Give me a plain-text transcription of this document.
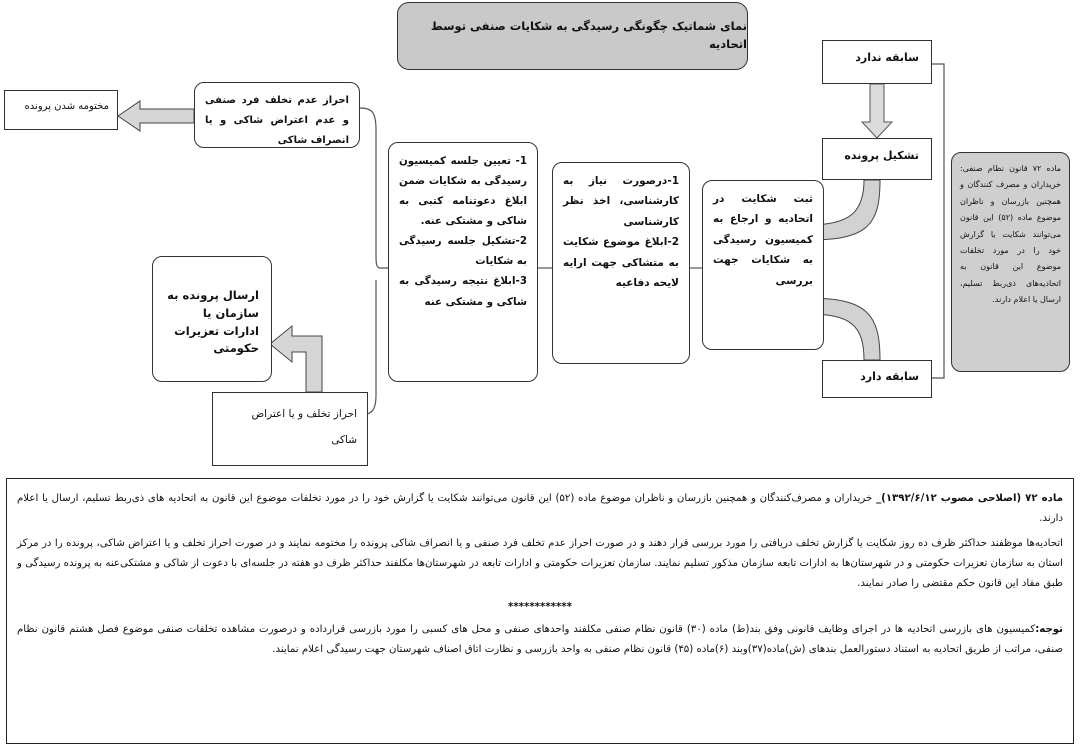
نمای شماتیک چگونگی رسیدگی به شکایات صنفی توسط اتحادیه
سابقه ندارد
تشکیل پرونده
سابقه دارد
ماده ۷۲ قانون نظام صنفی: خریداران و مصرف کنندگان و همچنین بازرسان و ناظران موضوع ماده (۵۲) این قانون می‌توانند شکایت یا گزارش خود را در مورد تخلفات موضوع این قانون به اتحادیه‌های ذی‌ربط تسلیم، ارسال یا اعلام دارند.
ثبت شکایت در اتحادیه و ارجاع به کمیسیون رسیدگی به شکایات جهت بررسی
1-درصورت نیاز به کارشناسی، اخذ نظر کارشناسی
2-ابلاغ موضوع شکایت به متشاکی جهت ارایه لایحه دفاعیه
1- تعیین جلسه کمیسیون رسیدگی به شکایات ضمن ابلاغ دعوتنامه کتبی به شاکی و مشتکی عنه.
2-تشکیل جلسه رسیدگی به شکایات
3-ابلاغ نتیجه رسیدگی به شاکی و مشتکی عنه
احراز عدم تخلف فرد صنفی و عدم اعتراض شاکی و یا انصراف شاکی
مختومه شدن پرونده
ارسال پرونده به سازمان یا ادارات تعزیرات حکومتی
احراز تخلف و یا اعتراض شاکی

ماده ۷۲ (اصلاحی مصوب ۱۳۹۲/۶/۱۲)_ خریداران و مصرف‌کنندگان و همچنین بازرسان و ناظران موضوع ماده (۵۲) این قانون می‌توانند شکایت یا گزارش خود را در مورد تخلفات موضوع این قانون به اتحادیه های ذی‌ربط تسلیم، ارسال یا اعلام دارند.

اتحادیه‌ها موظفند حداکثر ظرف ده روز شکایت یا گزارش تخلف دریافتی را مورد بررسی قرار دهند و در صورت احراز عدم تخلف فرد صنفی و یا انصراف شاکی پرونده را مختومه نمایند و در صورت احراز تخلف و یا اعتراض شاکی، پرونده را در مرکز استان به سازمان تعزیرات حکومتی و در شهرستان‌ها به ادارات تابعه سازمان مذکور تسلیم نمایند. سازمان تعزیرات حکومتی و ادارات تابعه در شهرستان‌ها مکلفند حداکثر ظرف دو هفته در جلسه‌ای با دعوت از شاکی و مشتکی‌عنه به پرونده رسیدگی و طبق مفاد این قانون حکم مقتضی را صادر نمایند.

************

توجه:کمیسیون های بازرسی اتحادیه ها در اجرای وظایف قانونی وفق بند(ط) ماده (۳۰) قانون نظام صنفی مکلفند واحدهای صنفی و محل های کسبی را مورد بازرسی قرارداده و درصورت مشاهده تخلفات صنفی موضوع فصل هشتم قانون نظام صنفی، مراتب از طریق اتحادیه به استناد دستورالعمل بندهای (ش)ماده(۳۷)وبند (۶)ماده (۴۵) قانون نظام صنفی به واحد بازرسی و نظارت اتاق اصناف شهرستان جهت رسیدگی اعلام نمایند.
